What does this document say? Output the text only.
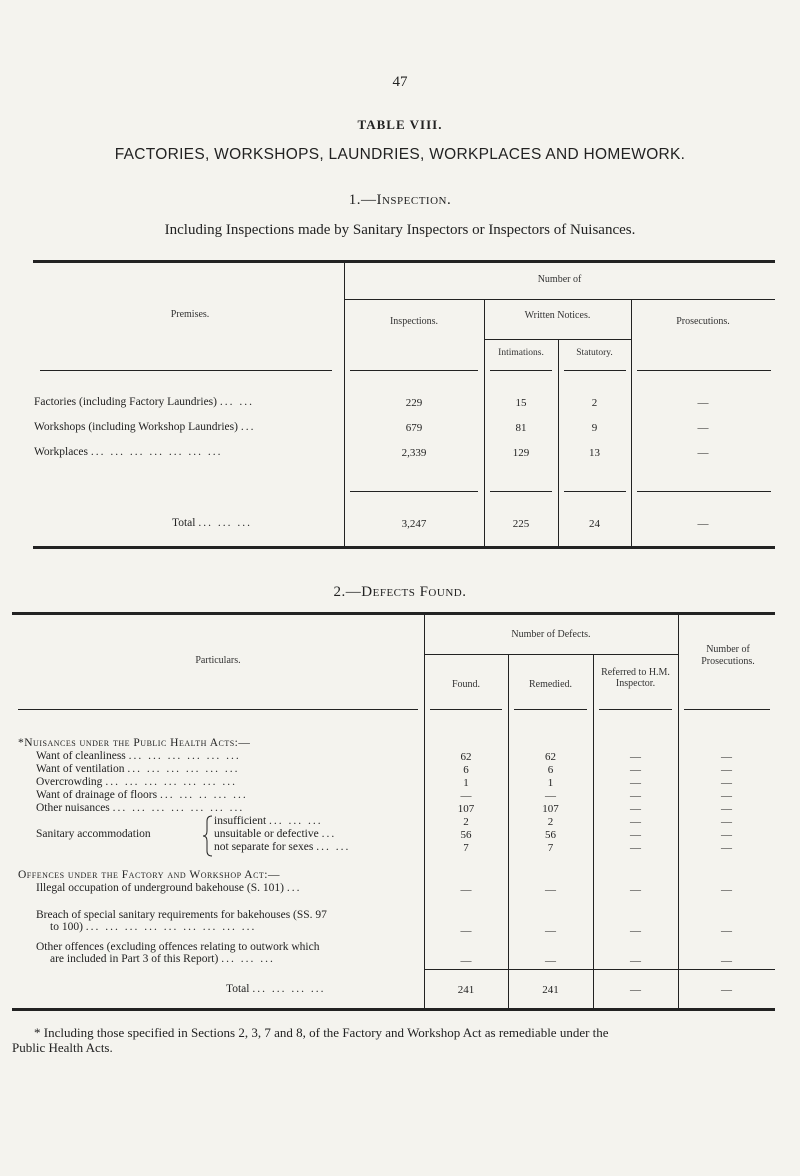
47
TABLE VIII.
FACTORIES, WORKSHOPS, LAUNDRIES, WORKPLACES AND HOMEWORK.
1.—Inspection.
Including Inspections made by Sanitary Inspectors or Inspectors of Nuisances.
Premises.
Number of
Inspections.
Written Notices.
Intimations.	Statutory.
Prosecutions.
Factories (including Factory Laundries) ... ...	229	15	2	—
Workshops (including Workshop Laundries) ...	679	81	9	—
Workplaces ... ... ... ... ... ... ...	2,339	129	13	—
Total ... ... ...	3,247	225	24	—
2.—Defects Found.
Particulars.
Number of Defects.
Found.	Remedied.
Referred to H.M. Inspector.
Number of Prosecutions.
*Nuisances under the Public Health Acts:—
Want of cleanliness ... ... ... ... ... ...	62	62	—	—
Want of ventilation ... ... ... ... ... ...	6	6	—	—
Overcrowding ... ... ... ... ... ... ...	1	1	—	—
Want of drainage of floors ... ... .. ... ...	—	—	—	—
Other nuisances ... ... ... ... ... ... ...	107	107	—	—
Sanitary accommodation
insufficient ... ... ...	2	2	—	—
unsuitable or defective ...	56	56	—	—
not separate for sexes ... ...	7	7	—	—
Offences under the Factory and Workshop Act:—
Illegal occupation of underground bakehouse (S. 101) ...	—	—	—	—
Breach of special sanitary requirements for bakehouses (SS. 97
to 100) ... ... ... ... ... ... ... ... ...	—	—	—	—
Other offences (excluding offences relating to outwork which
are included in Part 3 of this Report) ... ... ...	—	—	—	—
Total ... ... ... ...	241	241	—	—
* Including those specified in Sections 2, 3, 7 and 8, of the Factory and Workshop Act as remediable under the
Public Health Acts.
